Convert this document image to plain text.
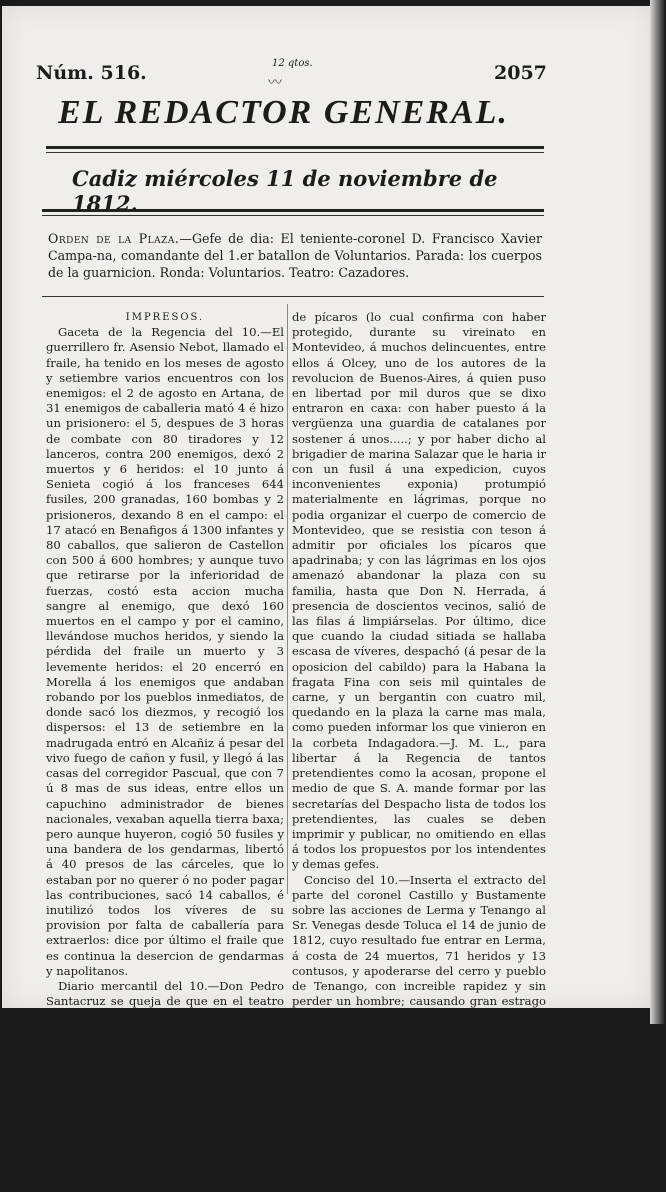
Núm. 516.	12 qtos.
〰	2057
EL REDACTOR GENERAL.
Cadiz miércoles 11 de noviembre de 1812.
Orden de la Plaza.—Gefe de dia: El teniente-coronel D. Francisco Xavier Campa-na, comandante del 1.er batallon de Voluntarios. Parada: los cuerpos de la guarnicion. Ronda: Voluntarios. Teatro: Cazadores.

IMPRESOS.

Gaceta de la Regencia del 10.—El guerrillero fr. Asensio Nebot, llamado el fraile, ha tenido en los meses de agosto y setiembre varios encuentros con los enemigos: el 2 de agosto en Artana, de 31 enemigos de caballeria mató 4 é hizo un prisionero: el 5, despues de 3 horas de combate con 80 tiradores y 12 lanceros, contra 200 enemigos, dexó 2 muertos y 6 heridos: el 10 junto á Senieta cogió á los franceses 644 fusiles, 200 granadas, 160 bombas y 2 prisioneros, dexando 8 en el campo: el 17 atacó en Benafigos á 1300 infantes y 80 caballos, que salieron de Castellon con 500 á 600 hombres; y aunque tuvo que retirarse por la inferioridad de fuerzas, costó esta accion mucha sangre al enemigo, que dexó 160 muertos en el campo y por el camino, llevándose muchos heridos, y siendo la pérdida del fraile un muerto y 3 levemente heridos: el 20 encerró en Morella á los enemigos que andaban robando por los pueblos inmediatos, de donde sacó los diezmos, y recogió los dispersos: el 13 de setiembre en la madrugada entró en Alcañiz á pesar del vivo fuego de cañon y fusil, y llegó á las casas del corregidor Pascual, que con 7 ú 8 mas de sus ideas, entre ellos un capuchino administrador de bienes nacionales, vexaban aquella tierra baxa; pero aunque huyeron, cogió 50 fusiles y una bandera de los gendarmas, libertó á 40 presos de las cárceles, que lo estaban por no querer ó no poder pagar las contribuciones, sacó 14 caballos, é inutilizó todos los víveres de su provision por falta de caballería para extraerlos: dice por último el fraile que es continua la desercion de gendarmas y napolitanos.

Diario mercantil del 10.—Don Pedro Santacruz se queja de que en el teatro no haya direccion ni union, por falta de una persona hábil é inteligente que entienda en esto; y á causa de no ser mirado por el gobierno como un establecimiento nacional, cuando tanto lo merece, por ser el teatro en todas las naciones el barómetro de su civilizacion y cultura.—P. S. remite de la Isla un artículo, en que refiere varias virtudes del Sr. Elío; que, á pesar de ser atolondrado, grosero y atropellado, y protector

de pícaros (lo cual confirma con haber protegido, durante su vireinato en Montevideo, á muchos delincuentes, entre ellos á Olcey, uno de los autores de la revolucion de Buenos-Aires, á quien puso en libertad por mil duros que se dixo entraron en caxa: con haber puesto á la vergüenza una guardia de catalanes por sostener á unos.....; y por haber dicho al brigadier de marina Salazar que le haria ir con un fusil á una expedicion, cuyos inconvenientes exponia) protumpió materialmente en lágrimas, porque no podia organizar el cuerpo de comercio de Montevideo, que se resistia con teson á admitir por oficiales los pícaros que apadrinaba; y con las lágrimas en los ojos amenazó abandonar la plaza con su familia, hasta que Don N. Herrada, á presencia de doscientos vecinos, salió de las filas á limpiárselas. Por último, dice que cuando la ciudad sitiada se hallaba escasa de víveres, despachó (á pesar de la oposicion del cabildo) para la Habana la fragata Fina con seis mil quintales de carne, y un bergantin con cuatro mil, quedando en la plaza la carne mas mala, como pueden informar los que vinieron en la corbeta Indagadora.—J. M. L., para libertar á la Regencia de tantos pretendientes como la acosan, propone el medio de que S. A. mande formar por las secretarías del Despacho lista de todos los pretendientes, las cuales se deben imprimir y publicar, no omitiendo en ellas á todos los propuestos por los intendentes y demas gefes.

Conciso del 10.—Inserta el extracto del parte del coronel Castillo y Bustamente sobre las acciones de Lerma y Tenango al Sr. Venegas desde Toluca el 14 de junio de 1812, cuyo resultado fue entrar en Lerma, á costa de 24 muertos, 71 heridos y 13 contusos, y apoderarse del cerro y pueblo de Tenango, con increible rapidez y sin perder un hombre; causando gran estrago en los rebeldes, que perdieron 25 cañones, todas sus municiones, porcion de armas y otras cosas, inclusos los papeles de sus cabecillas (R. 511).—El cuartel general del lord Wellington estaba en Rueda el 1.º del corriente.—El 29 del pasado entró en Lisboa la Efigenia con 217 españoles y sus respectivos oficiales, que deben dirigirse á Suecia para guardia de Ber-
